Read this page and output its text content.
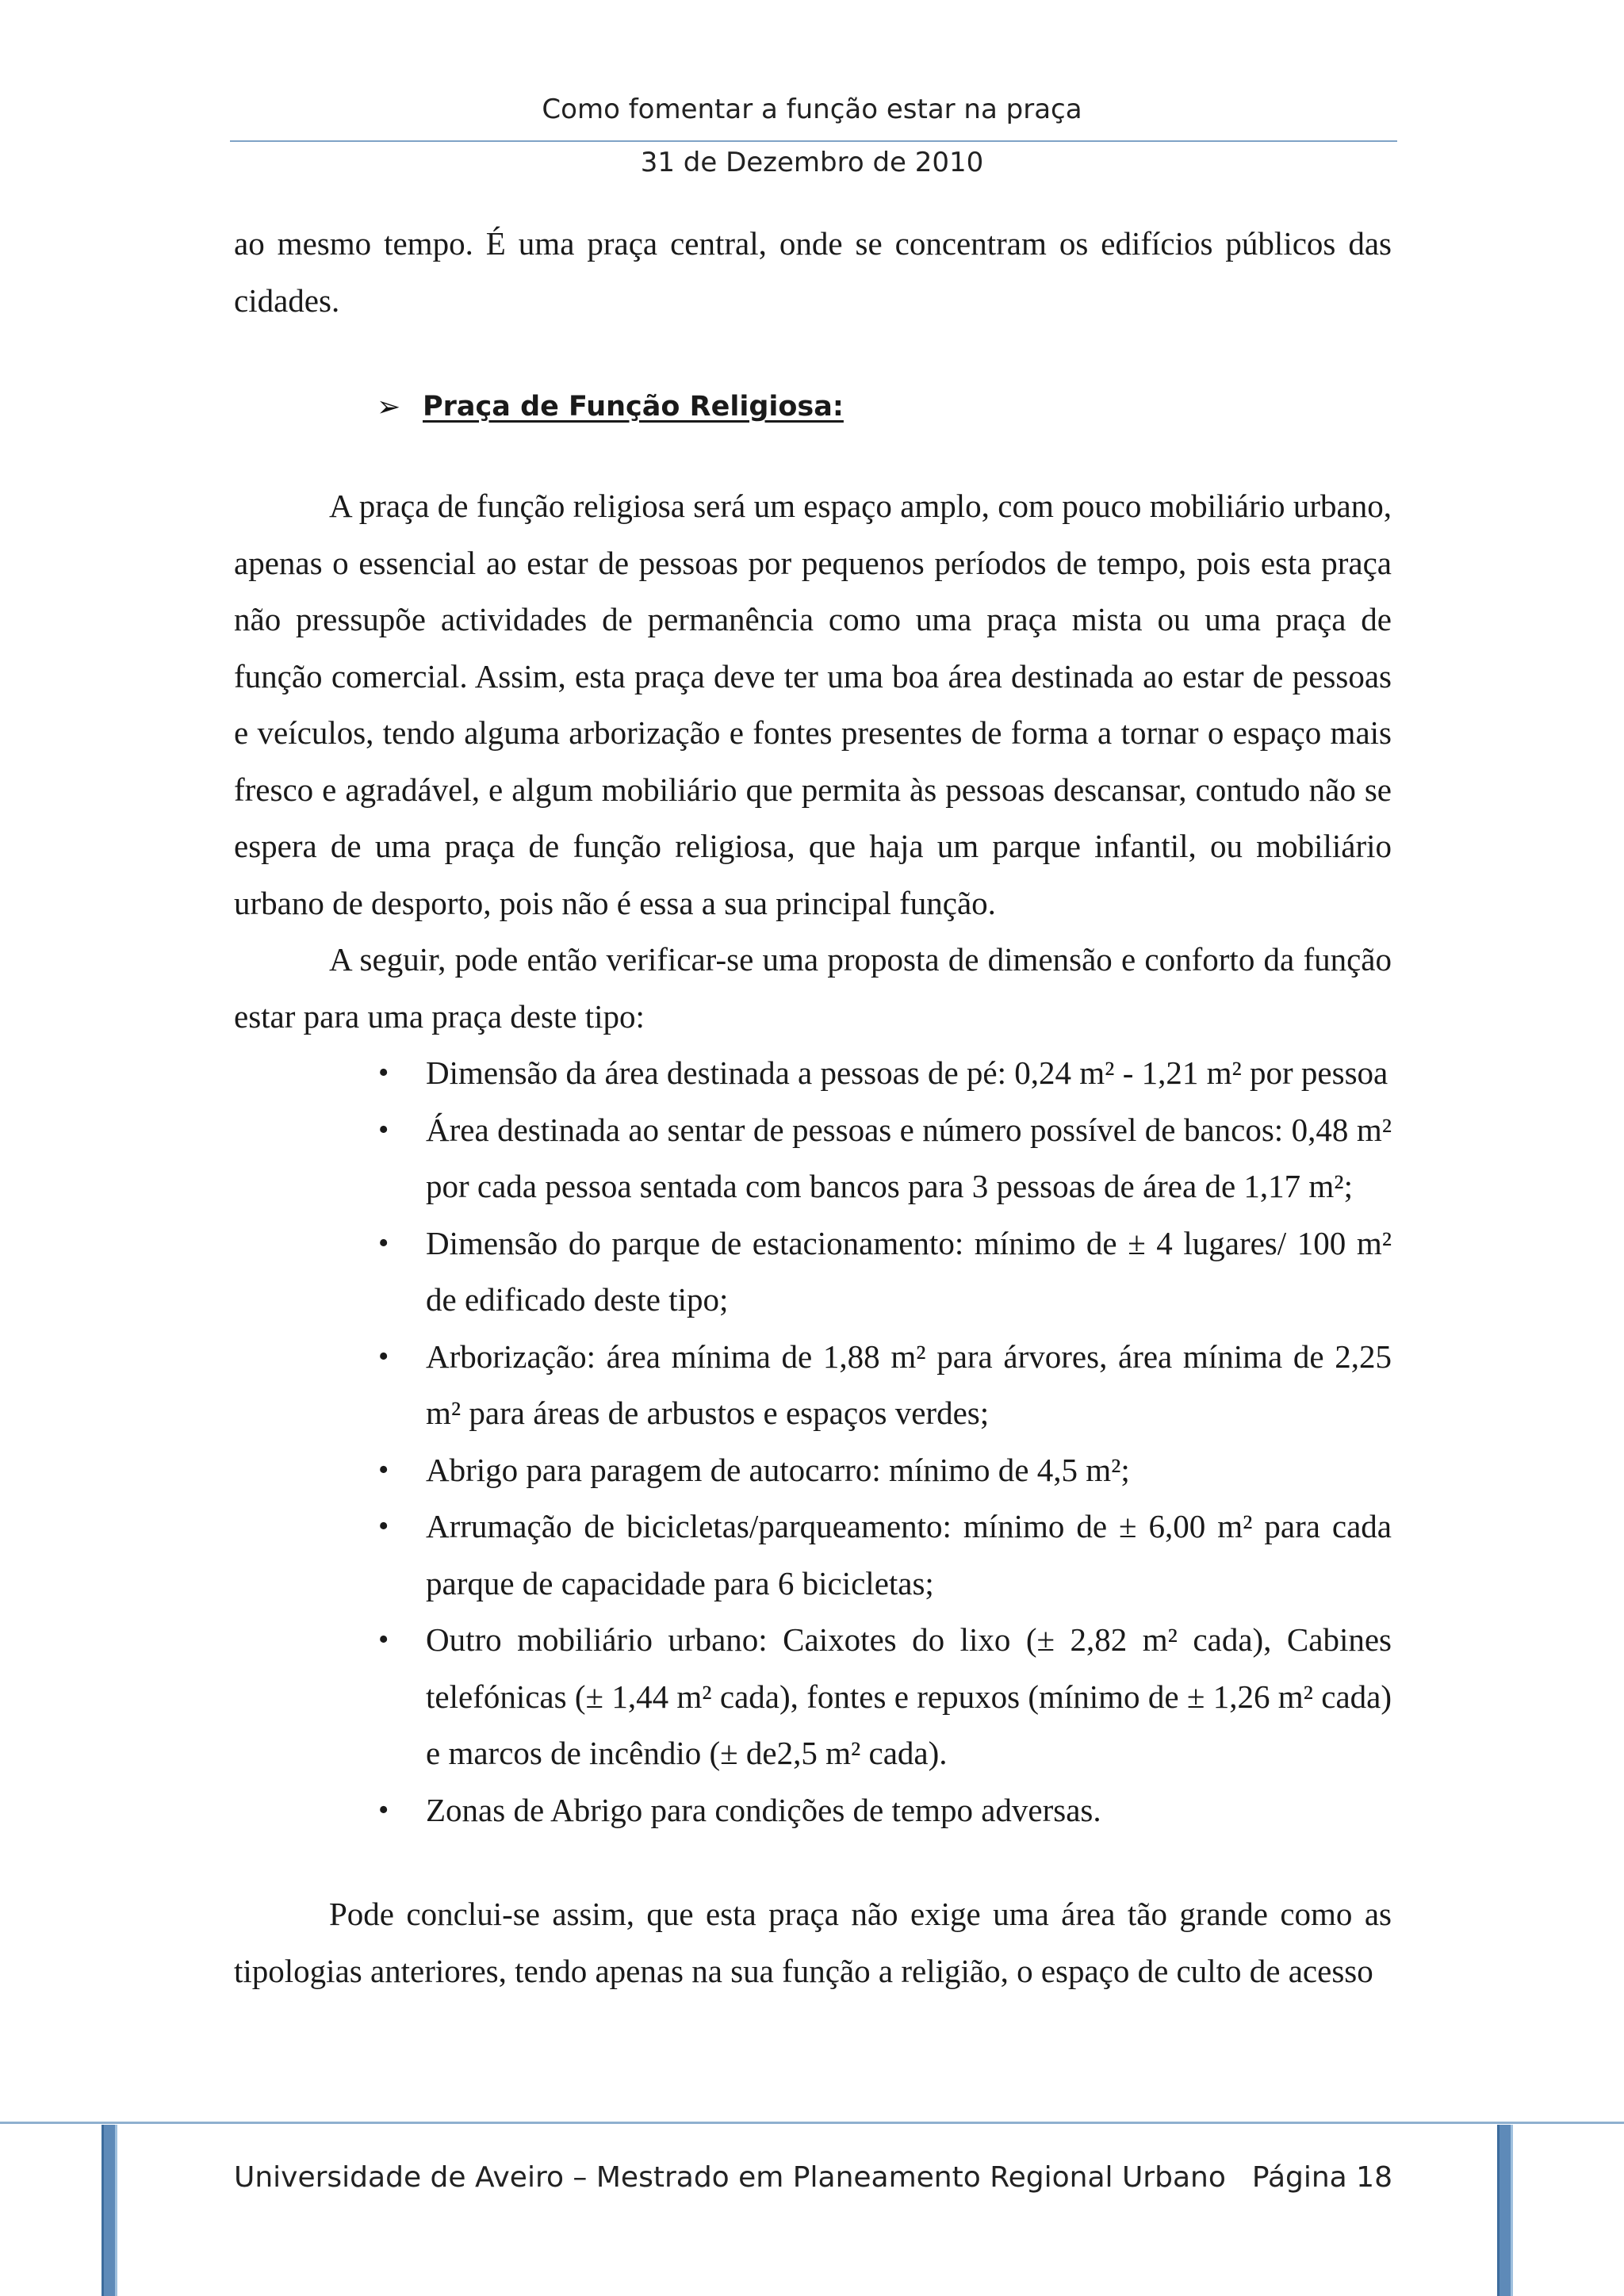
Como fomentar a função estar na praça
31 de Dezembro de 2010

ao mesmo tempo. É uma praça central, onde se concentram os edifícios públicos das cidades.

➢ Praça de Função Religiosa:

A praça de função religiosa será um espaço amplo, com pouco mobiliário urbano, apenas o essencial ao estar de pessoas por pequenos períodos de tempo, pois esta praça não pressupõe actividades de permanência como uma praça mista ou uma praça de função comercial. Assim, esta praça deve ter uma boa área destinada ao estar de pessoas e veículos, tendo alguma arborização e fontes presentes de forma a tornar o espaço mais fresco e agradável, e algum mobiliário que permita às pessoas descansar, contudo não se espera de uma praça de função religiosa, que haja um parque infantil, ou mobiliário urbano de desporto, pois não é essa a sua principal função.

A seguir, pode então verificar-se uma proposta de dimensão e conforto da função estar para uma praça deste tipo:

• Dimensão da área destinada a pessoas de pé: 0,24 m² - 1,21 m² por pessoa
• Área destinada ao sentar de pessoas e número possível de bancos: 0,48 m² por cada pessoa sentada com bancos para 3 pessoas de área de 1,17 m²;
• Dimensão do parque de estacionamento: mínimo de ± 4 lugares/ 100 m² de edificado deste tipo;
• Arborização: área mínima de 1,88 m² para árvores, área mínima de 2,25 m² para áreas de arbustos e espaços verdes;
• Abrigo para paragem de autocarro: mínimo de 4,5 m²;
• Arrumação de bicicletas/parqueamento: mínimo de ± 6,00 m² para cada parque de capacidade para 6 bicicletas;
• Outro mobiliário urbano: Caixotes do lixo (± 2,82 m² cada), Cabines telefónicas (± 1,44 m² cada), fontes e repuxos (mínimo de ± 1,26 m² cada) e marcos de incêndio (± de2,5 m² cada).
• Zonas de Abrigo para condições de tempo adversas.

Pode conclui-se assim, que esta praça não exige uma área tão grande como as tipologias anteriores, tendo apenas na sua função a religião, o espaço de culto de acesso

Universidade de Aveiro – Mestrado em Planeamento Regional Urbano Página 18
